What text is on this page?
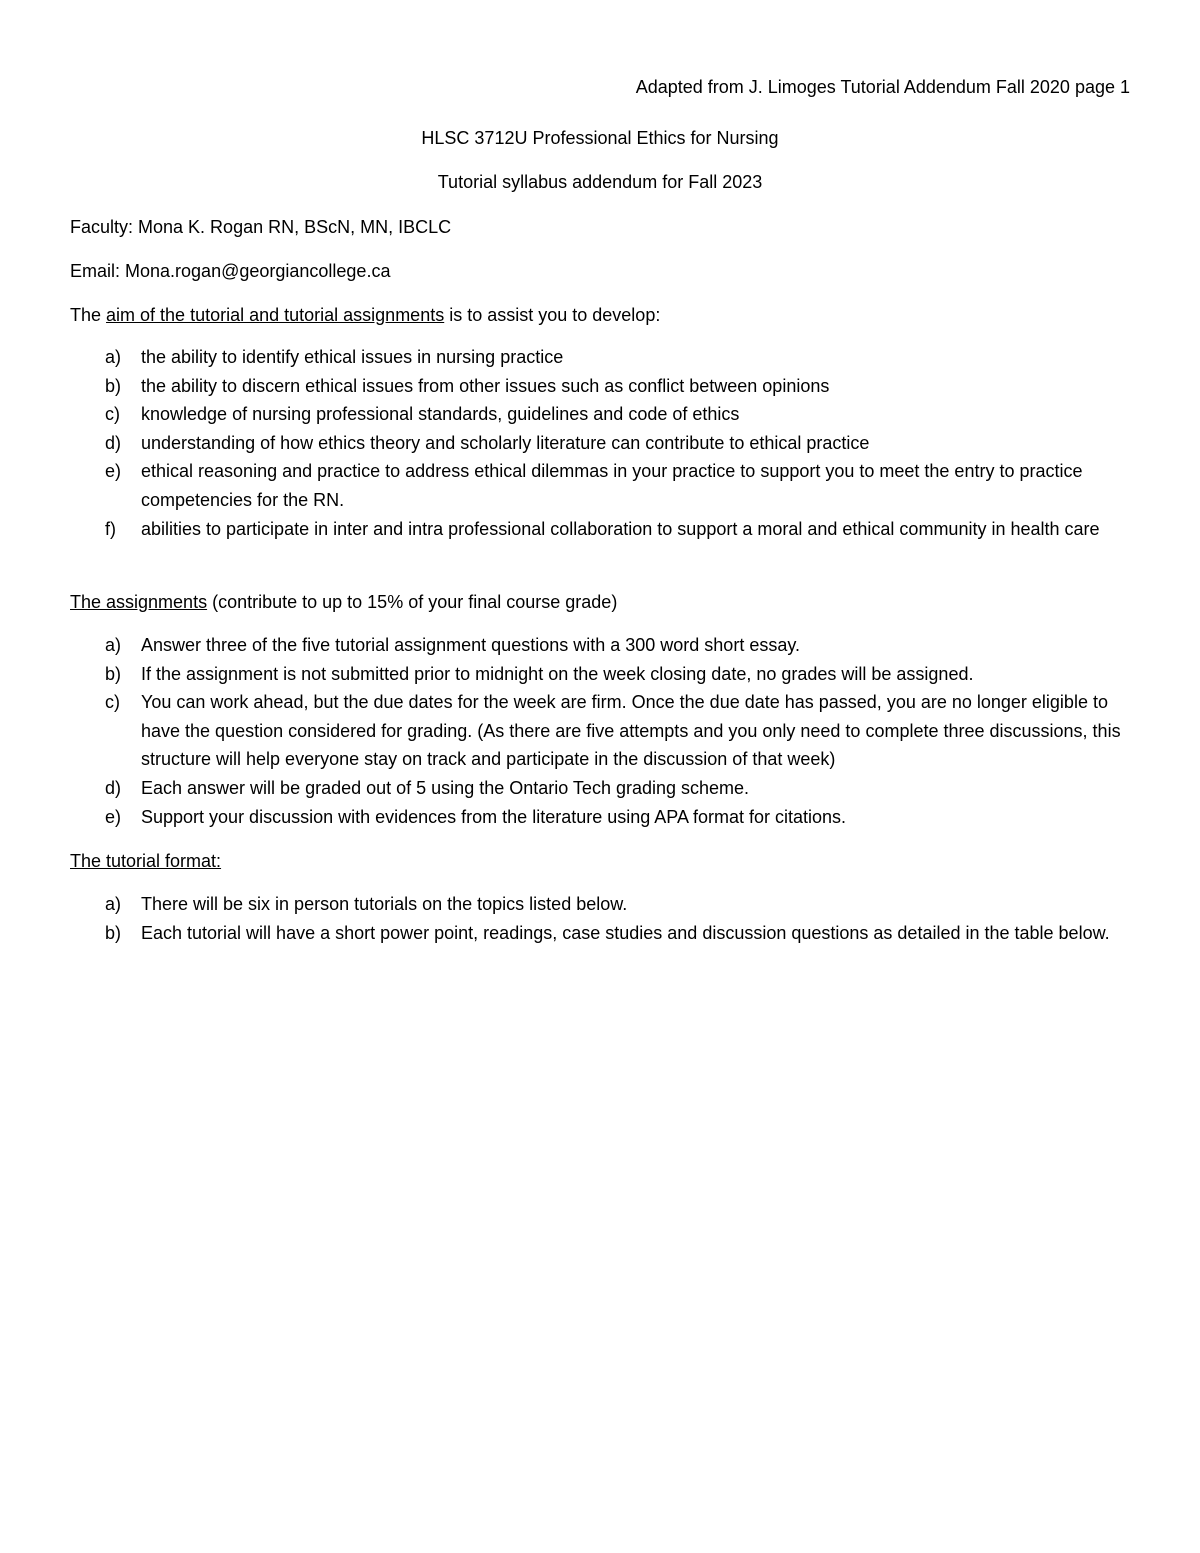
Adapted from J. Limoges Tutorial Addendum Fall 2020 page 1
HLSC 3712U Professional Ethics for Nursing
Tutorial syllabus addendum for Fall 2023
Faculty: Mona K. Rogan RN, BScN, MN, IBCLC
Email: Mona.rogan@georgiancollege.ca
The aim of the tutorial and tutorial assignments is to assist you to develop:
a)	the ability to identify ethical issues in nursing practice
b)	the ability to discern ethical issues from other issues such as conflict between opinions
c)	knowledge of nursing professional standards, guidelines and code of ethics
d)	understanding of how ethics theory and scholarly literature can contribute to ethical practice
e)	ethical reasoning and practice to address ethical dilemmas in your practice to support you to meet the entry to practice competencies for the RN.
f)	abilities to participate in inter and intra professional collaboration to support a moral and ethical community in health care
The assignments (contribute to up to 15% of your final course grade)
a)	Answer three of the five tutorial assignment questions with a 300 word short essay.
b)	If the assignment is not submitted prior to midnight on the week closing date, no grades will be assigned.
c)	You can work ahead, but the due dates for the week are firm. Once the due date has passed, you are no longer eligible to have the question considered for grading. (As there are five attempts and you only need to complete three discussions, this structure will help everyone stay on track and participate in the discussion of that week)
d)	Each answer will be graded out of 5 using the Ontario Tech grading scheme.
e)	Support your discussion with evidences from the literature using APA format for citations.
The tutorial format:
a)	There will be six in person tutorials on the topics listed below.
b)	Each tutorial will have a short power point, readings, case studies and discussion questions as detailed in the table below.
